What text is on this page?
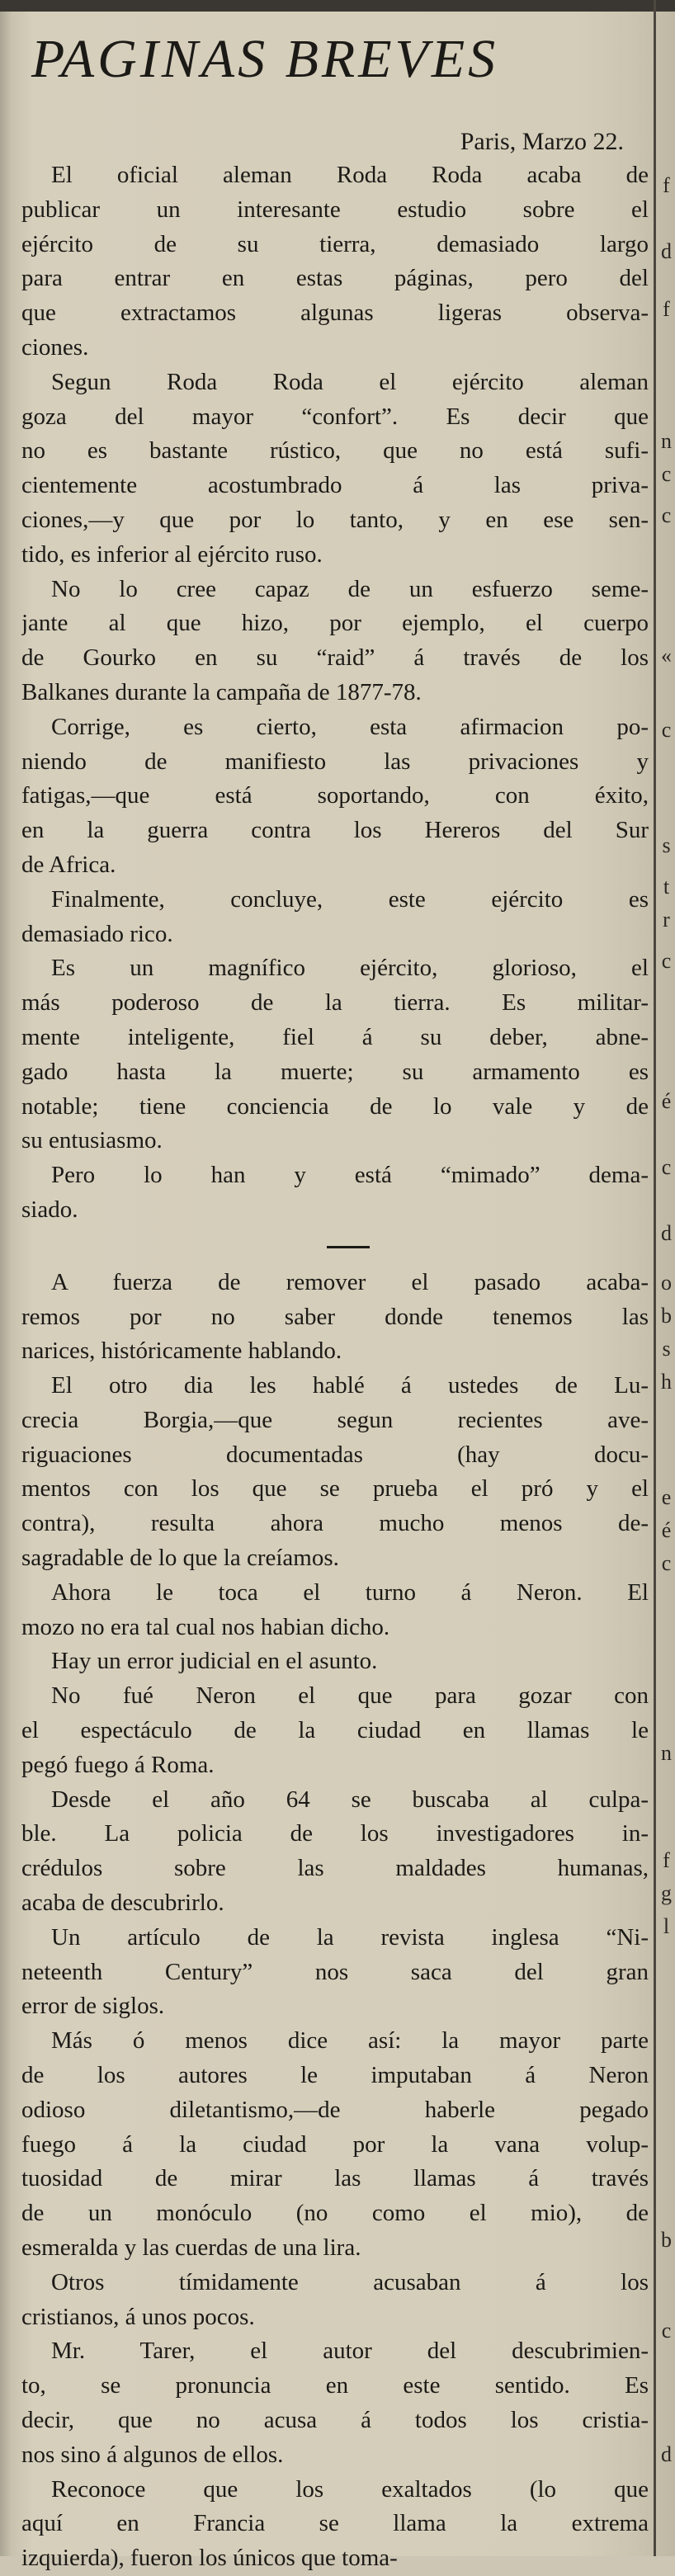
PAGINAS BREVES
Paris, Marzo 22.
El oficial aleman Roda Roda acaba de
publicar un interesante estudio sobre el
ejército de su tierra, demasiado largo
para entrar en estas páginas, pero del
que extractamos algunas ligeras observa-
ciones.
Segun Roda Roda el ejército aleman
goza del mayor “confort”. Es decir que
no es bastante rústico, que no está sufi-
cientemente acostumbrado á las priva-
ciones,—y que por lo tanto, y en ese sen-
tido, es inferior al ejército ruso.
No lo cree capaz de un esfuerzo seme-
jante al que hizo, por ejemplo, el cuerpo
de Gourko en su “raid” á través de los
Balkanes durante la campaña de 1877-78.
Corrige, es cierto, esta afirmacion po-
niendo de manifiesto las privaciones y
fatigas,—que está soportando, con éxito,
en la guerra contra los Hereros del Sur
de Africa.
Finalmente, concluye, este ejército es
demasiado rico.
Es un magnífico ejército, glorioso, el
más poderoso de la tierra. Es militar-
mente inteligente, fiel á su deber, abne-
gado hasta la muerte; su armamento es
notable; tiene conciencia de lo vale y de
su entusiasmo.
Pero lo han y está “mimado” dema-
siado.
A fuerza de remover el pasado acaba-
remos por no saber donde tenemos las
narices, históricamente hablando.
El otro dia les hablé á ustedes de Lu-
crecia Borgia,—que segun recientes ave-
riguaciones documentadas (hay docu-
mentos con los que se prueba el pró y el
contra), resulta ahora mucho menos de-
sagradable de lo que la creíamos.
Ahora le toca el turno á Neron. El
mozo no era tal cual nos habian dicho.
Hay un error judicial en el asunto.
No fué Neron el que para gozar con
el espectáculo de la ciudad en llamas le
pegó fuego á Roma.
Desde el año 64 se buscaba al culpa-
ble. La policia de los investigadores in-
crédulos sobre las maldades humanas,
acaba de descubrirlo.
Un artículo de la revista inglesa “Ni-
neteenth Century” nos saca del gran
error de siglos.
Más ó menos dice así: la mayor parte
de los autores le imputaban á Neron
odioso diletantismo,—de haberle pegado
fuego á la ciudad por la vana volup-
tuosidad de mirar las llamas á través
de un monóculo (no como el mio), de
esmeralda y las cuerdas de una lira.
Otros tímidamente acusaban á los
cristianos, á unos pocos.
Mr. Tarer, el autor del descubrimien-
to, se pronuncia en este sentido. Es
decir, que no acusa á todos los cristia-
nos sino á algunos de ellos.
Reconoce que los exaltados (lo que
aquí en Francia se llama la extrema
izquierda), fueron los únicos que toma-
f
d
f
n
c
c
«
c
s
t
r
c
é
c
d
o
b
s
h
e
é
c
n
f
g
l
b
c
d
